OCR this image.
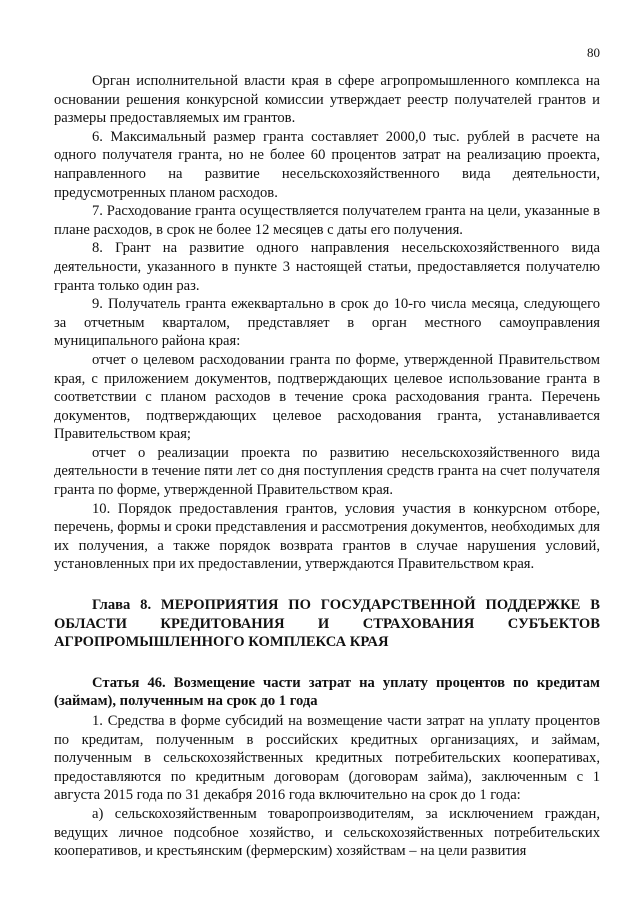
80

Орган исполнительной власти края в сфере агропромышленного комплекса на основании решения конкурсной комиссии утверждает реестр получателей грантов и размеры предоставляемых им грантов.

6. Максимальный размер гранта составляет 2000,0 тыс. рублей в расчете на одного получателя гранта, но не более 60 процентов затрат на реализацию проекта, направленного на развитие несельскохозяйственного вида деятельности, предусмотренных планом расходов.

7. Расходование гранта осуществляется получателем гранта на цели, указанные в плане расходов, в срок не более 12 месяцев с даты его получения.

8. Грант на развитие одного направления несельскохозяйственного вида деятельности, указанного в пункте 3 настоящей статьи, предоставляется получателю гранта только один раз.

9. Получатель гранта ежеквартально в срок до 10-го числа месяца, следующего за отчетным кварталом, представляет в орган местного самоуправления муниципального района края:

отчет о целевом расходовании гранта по форме, утвержденной Правительством края, с приложением документов, подтверждающих целевое использование гранта в соответствии с планом расходов в течение срока расходования гранта. Перечень документов, подтверждающих целевое расходования гранта, устанавливается Правительством края;

отчет о реализации проекта по развитию несельскохозяйственного вида деятельности в течение пяти лет со дня поступления средств гранта на счет получателя гранта по форме, утвержденной Правительством края.

10. Порядок предоставления грантов, условия участия в конкурсном отборе, перечень, формы и сроки представления и рассмотрения документов, необходимых для их получения, а также порядок возврата грантов в случае нарушения условий, установленных при их предоставлении, утверждаются Правительством края.

Глава 8. МЕРОПРИЯТИЯ ПО ГОСУДАРСТВЕННОЙ ПОДДЕРЖКЕ В ОБЛАСТИ КРЕДИТОВАНИЯ И СТРАХОВАНИЯ СУБЪЕКТОВ АГРОПРОМЫШЛЕННОГО КОМПЛЕКСА КРАЯ

Статья 46. Возмещение части затрат на уплату процентов по кредитам (займам), полученным на срок до 1 года

1. Средства в форме субсидий на возмещение части затрат на уплату процентов по кредитам, полученным в российских кредитных организациях, и займам, полученным в сельскохозяйственных кредитных потребительских кооперативах, предоставляются по кредитным договорам (договорам займа), заключенным с 1 августа 2015 года по 31 декабря 2016 года включительно на срок до 1 года:

а) сельскохозяйственным товаропроизводителям, за исключением граждан, ведущих личное подсобное хозяйство, и сельскохозяйственных потребительских кооперативов, и крестьянским (фермерским) хозяйствам – на цели развития
